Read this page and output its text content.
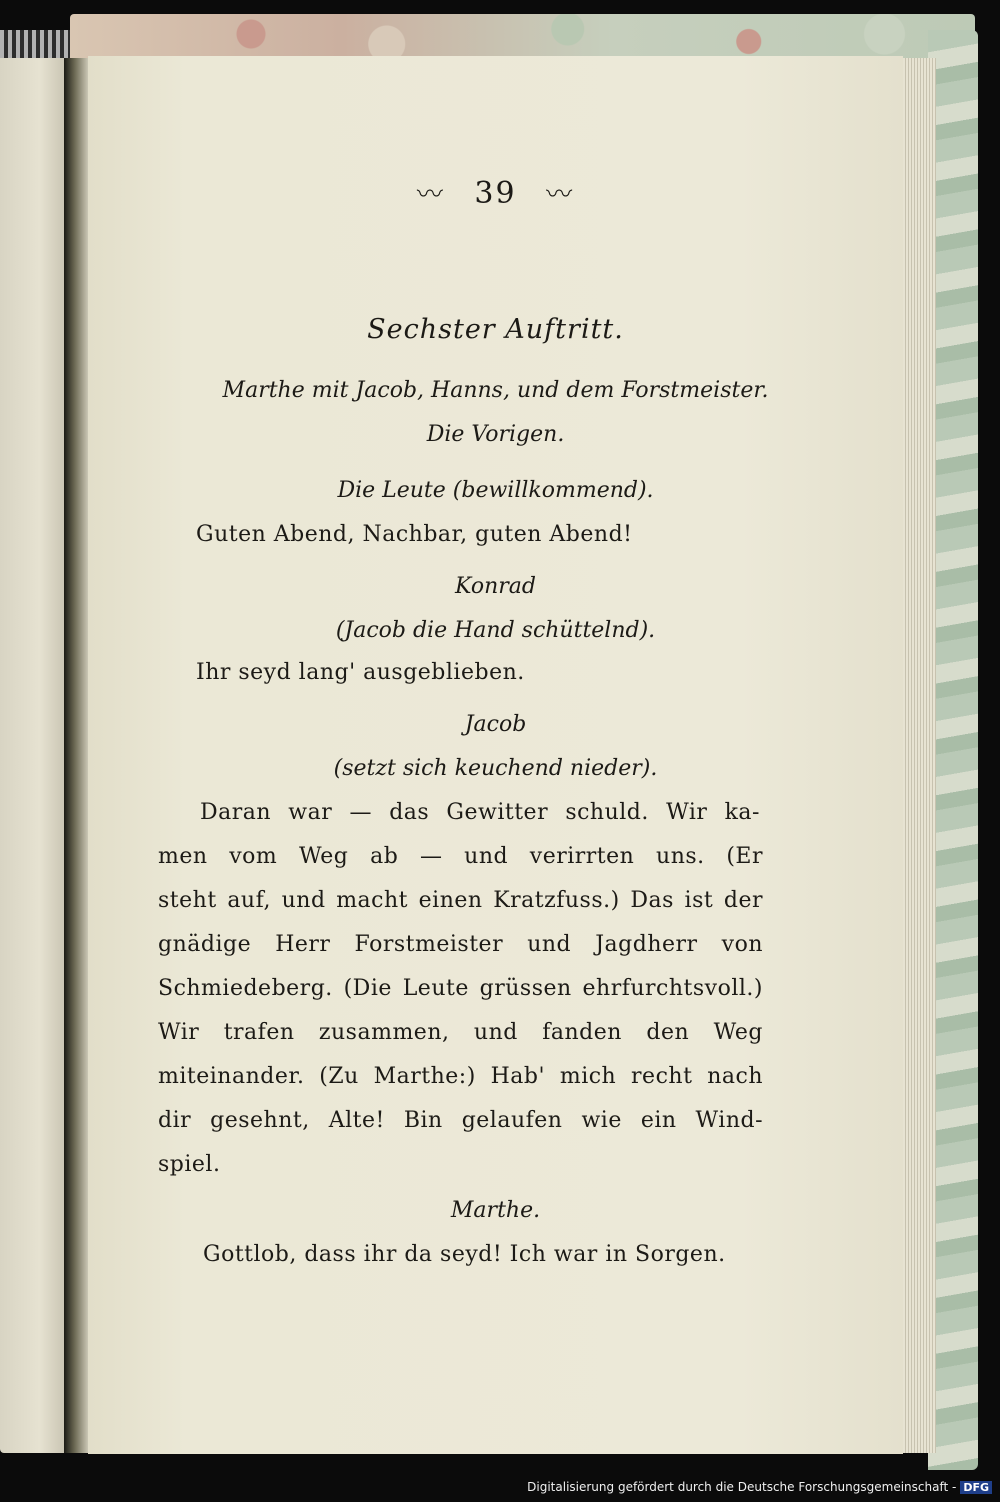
〰 39 〰
Sechster Auftritt.
Marthe mit Jacob, Hanns, und dem Forstmeister.
Die Vorigen.
Die Leute (bewillkommend).
Guten Abend, Nachbar, guten Abend!
Konrad
(Jacob die Hand schüttelnd).
Ihr seyd lang' ausgeblieben.
Jacob
(setzt sich keuchend nieder).
Daran war — das Gewitter schuld. Wir ka-
men vom Weg ab — und verirrten uns. (Er
steht auf, und macht einen Kratzfuss.) Das ist der
gnädige Herr Forstmeister und Jagdherr von
Schmiedeberg. (Die Leute grüssen ehrfurchtsvoll.)
Wir trafen zusammen, und fanden den Weg
miteinander. (Zu Marthe:) Hab' mich recht nach
dir gesehnt, Alte! Bin gelaufen wie ein Wind-
spiel.
Marthe.
Gottlob, dass ihr da seyd! Ich war in Sorgen.
Digitalisierung gefördert durch die Deutsche Forschungsgemeinschaft - DFG
